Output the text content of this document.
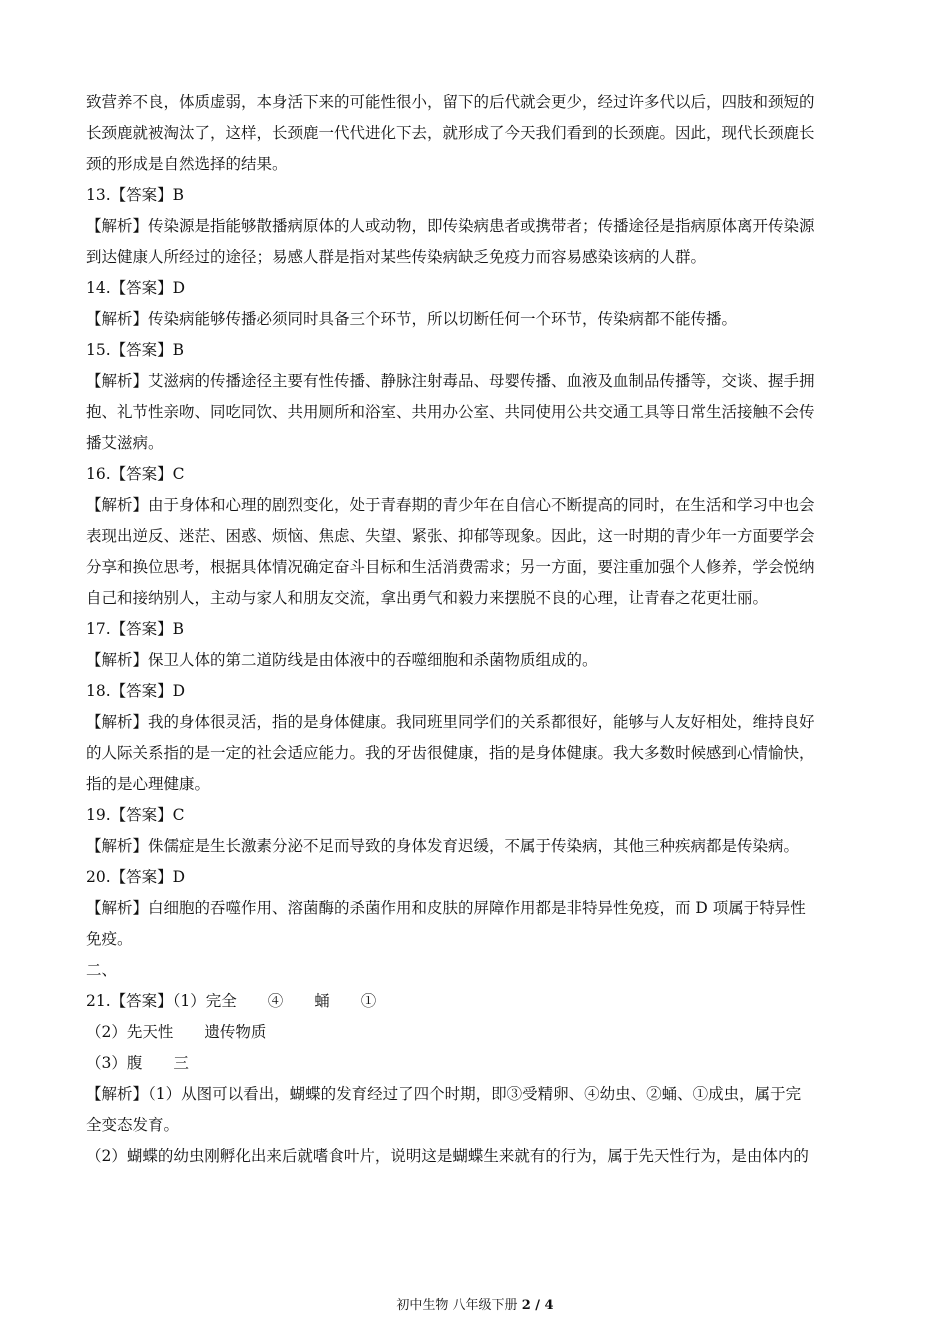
致营养不良，体质虚弱，本身活下来的可能性很小，留下的后代就会更少，经过许多代以后，四肢和颈短的
长颈鹿就被淘汰了，这样，长颈鹿一代代进化下去，就形成了今天我们看到的长颈鹿。因此，现代长颈鹿长
颈的形成是自然选择的结果。
13.【答案】B
【解析】传染源是指能够散播病原体的人或动物，即传染病患者或携带者；传播途径是指病原体离开传染源
到达健康人所经过的途径；易感人群是指对某些传染病缺乏免疫力而容易感染该病的人群。
14.【答案】D
【解析】传染病能够传播必须同时具备三个环节，所以切断任何一个环节，传染病都不能传播。
15.【答案】B
【解析】艾滋病的传播途径主要有性传播、静脉注射毒品、母婴传播、血液及血制品传播等，交谈、握手拥
抱、礼节性亲吻、同吃同饮、共用厕所和浴室、共用办公室、共同使用公共交通工具等日常生活接触不会传
播艾滋病。
16.【答案】C
【解析】由于身体和心理的剧烈变化，处于青春期的青少年在自信心不断提高的同时，在生活和学习中也会
表现出逆反、迷茫、困惑、烦恼、焦虑、失望、紧张、抑郁等现象。因此，这一时期的青少年一方面要学会
分享和换位思考，根据具体情况确定奋斗目标和生活消费需求；另一方面，要注重加强个人修养，学会悦纳
自己和接纳别人，主动与家人和朋友交流，拿出勇气和毅力来摆脱不良的心理，让青春之花更壮丽。
17.【答案】B
【解析】保卫人体的第二道防线是由体液中的吞噬细胞和杀菌物质组成的。
18.【答案】D
【解析】我的身体很灵活，指的是身体健康。我同班里同学们的关系都很好，能够与人友好相处，维持良好
的人际关系指的是一定的社会适应能力。我的牙齿很健康，指的是身体健康。我大多数时候感到心情愉快，
指的是心理健康。
19.【答案】C
【解析】侏儒症是生长激素分泌不足而导致的身体发育迟缓，不属于传染病，其他三种疾病都是传染病。
20.【答案】D
【解析】白细胞的吞噬作用、溶菌酶的杀菌作用和皮肤的屏障作用都是非特异性免疫，而 D 项属于特异性
免疫。
二、
21.【答案】（1）完全　　④　　蛹　　①
（2）先天性　　遗传物质
（3）腹　　三
【解析】（1）从图可以看出，蝴蝶的发育经过了四个时期，即③受精卵、④幼虫、②蛹、①成虫，属于完
全变态发育。
（2）蝴蝶的幼虫刚孵化出来后就嗜食叶片，说明这是蝴蝶生来就有的行为，属于先天性行为，是由体内的
初中生物 八年级下册 2 / 4
